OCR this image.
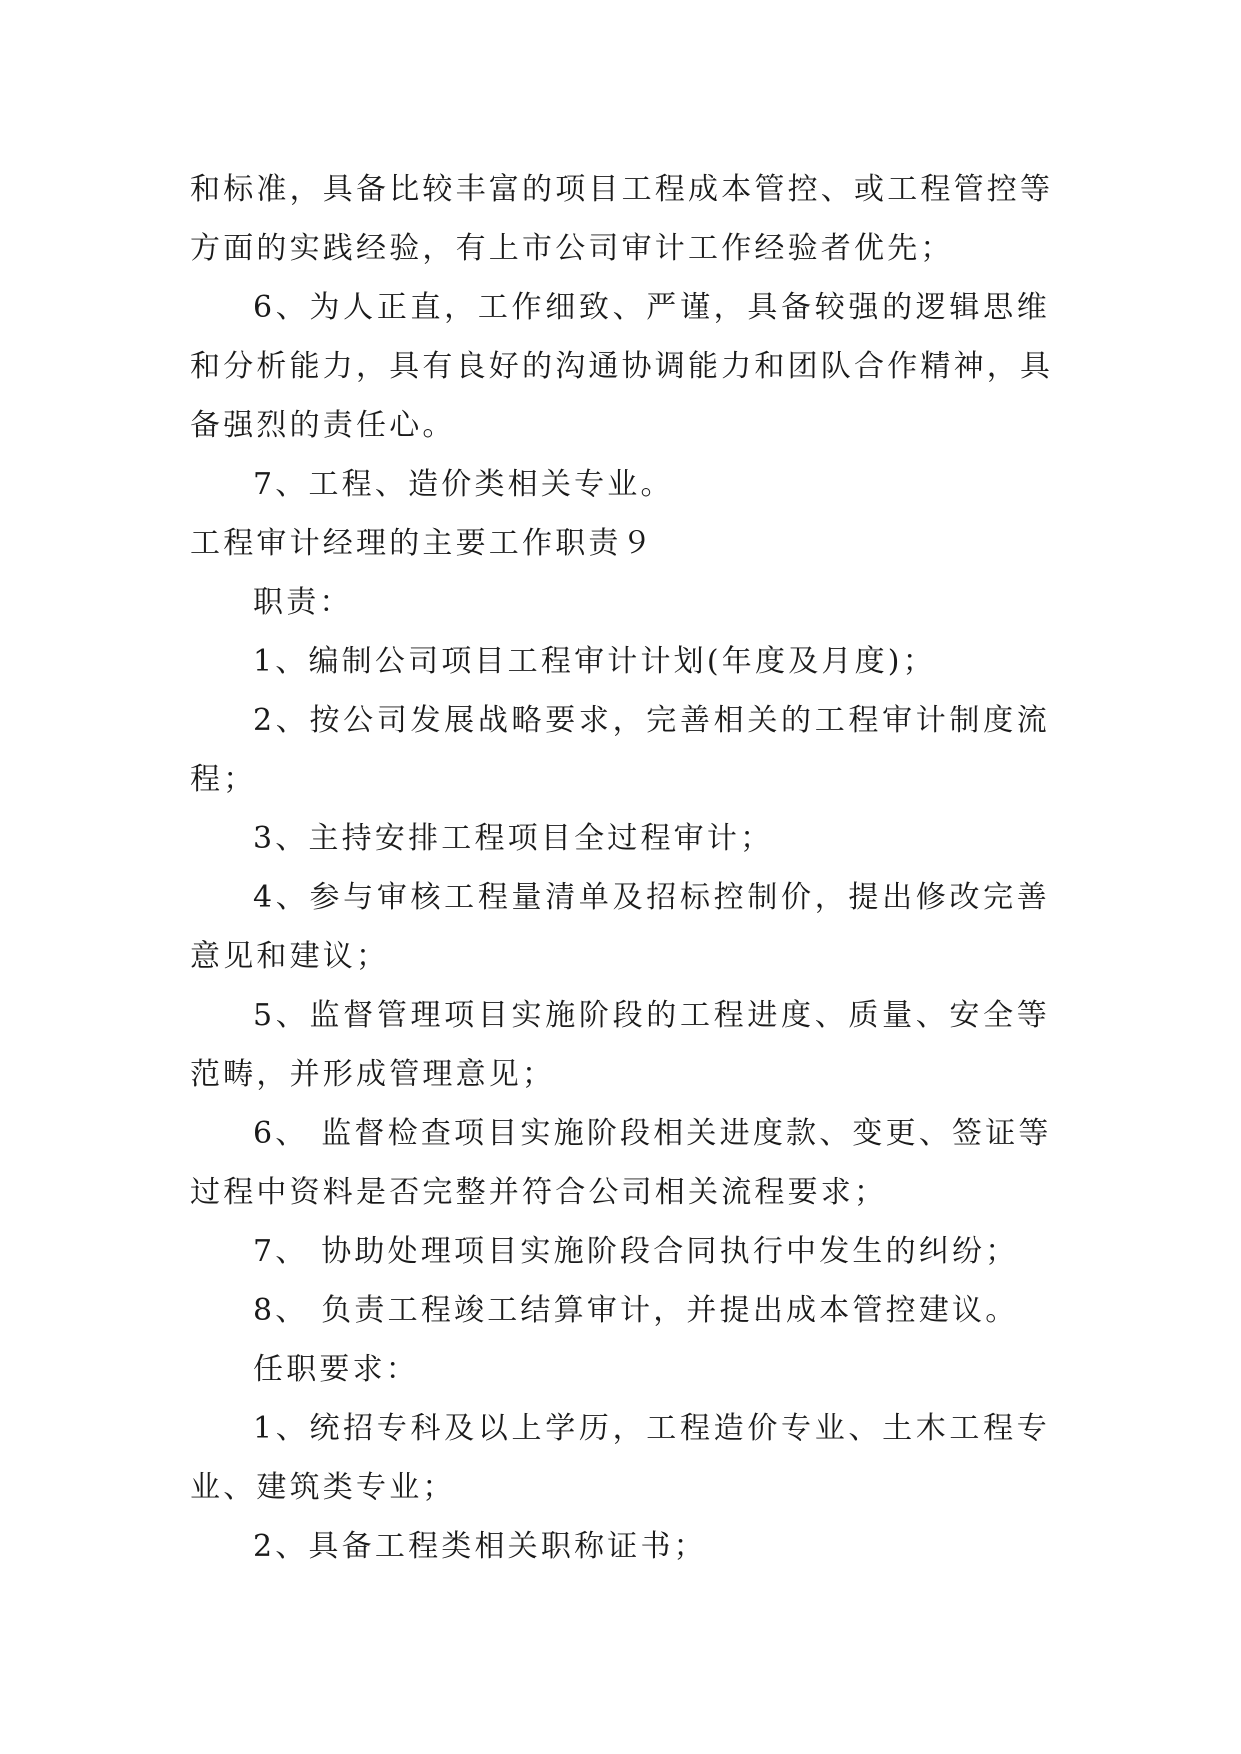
和标准，具备比较丰富的项目工程成本管控、或工程管控等
方面的实践经验，有上市公司审计工作经验者优先；
6、为人正直，工作细致、严谨，具备较强的逻辑思维
和分析能力，具有良好的沟通协调能力和团队合作精神，具
备强烈的责任心。
7、工程、造价类相关专业。
工程审计经理的主要工作职责９
职责：
1、编制公司项目工程审计计划(年度及月度)；
2、按公司发展战略要求，完善相关的工程审计制度流
程；
3、主持安排工程项目全过程审计；
4、参与审核工程量清单及招标控制价，提出修改完善
意见和建议；
5、监督管理项目实施阶段的工程进度、质量、安全等
范畴，并形成管理意见；
6、 监督检查项目实施阶段相关进度款、变更、签证等
过程中资料是否完整并符合公司相关流程要求；
7、 协助处理项目实施阶段合同执行中发生的纠纷；
8、 负责工程竣工结算审计，并提出成本管控建议。
任职要求：
1、统招专科及以上学历，工程造价专业、土木工程专
业、建筑类专业；
2、具备工程类相关职称证书；
